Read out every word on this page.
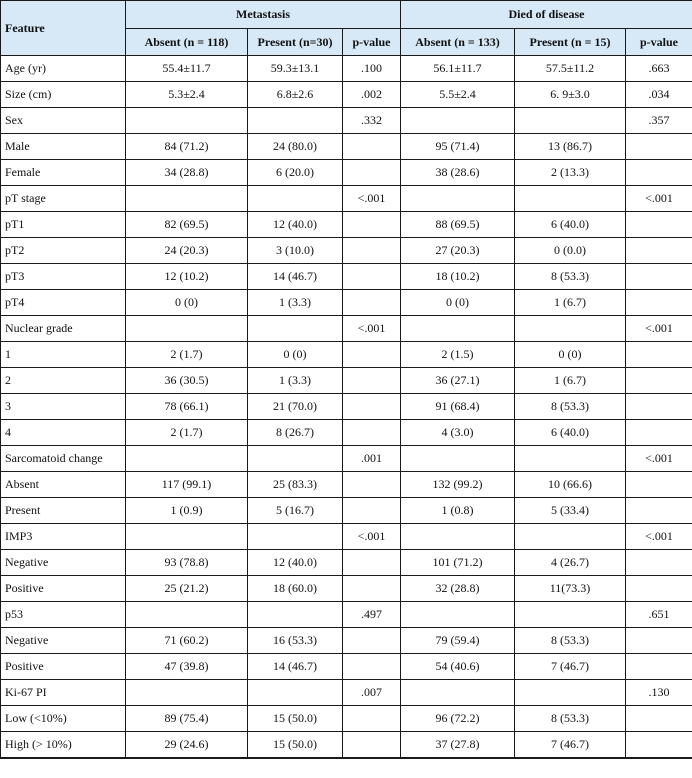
Feature	Metastasis			Died of disease		
	Absent (n = 118)	Present (n=30)	p-value	Absent (n = 133)	Present (n = 15)	p-value
Age (yr)	55.4±11.7	59.3±13.1	.100	56.1±11.7	57.5±11.2	.663
Size (cm)	5.3±2.4	6.8±2.6	.002	5.5±2.4	6. 9±3.0	.034
Sex			.332			.357
Male	84 (71.2)	24 (80.0)		95 (71.4)	13 (86.7)	
Female	34 (28.8)	6 (20.0)		38 (28.6)	2 (13.3)	
pT stage			<.001			<.001
pT1	82 (69.5)	12 (40.0)		88 (69.5)	6 (40.0)	
pT2	24 (20.3)	3 (10.0)		27 (20.3)	0 (0.0)	
pT3	12 (10.2)	14 (46.7)		18 (10.2)	8 (53.3)	
pT4	0 (0)	1 (3.3)		0 (0)	1 (6.7)	
Nuclear grade			<.001			<.001
1	2 (1.7)	0 (0)		2 (1.5)	0 (0)	
2	36 (30.5)	1 (3.3)		36 (27.1)	1 (6.7)	
3	78 (66.1)	21 (70.0)		91 (68.4)	8 (53.3)	
4	2 (1.7)	8 (26.7)		4 (3.0)	6 (40.0)	
Sarcomatoid change			.001			<.001
Absent	117 (99.1)	25 (83.3)		132 (99.2)	10 (66.6)	
Present	1 (0.9)	5 (16.7)		1 (0.8)	5 (33.4)	
IMP3			<.001			<.001
Negative	93 (78.8)	12 (40.0)		101 (71.2)	4 (26.7)	
Positive	25 (21.2)	18 (60.0)		32 (28.8)	11(73.3)	
p53			.497			.651
Negative	71 (60.2)	16 (53.3)		79 (59.4)	8 (53.3)	
Positive	47 (39.8)	14 (46.7)		54 (40.6)	7 (46.7)	
Ki-67 PI			.007			.130
Low (<10%)	89 (75.4)	15 (50.0)		96 (72.2)	8 (53.3)	
High (> 10%)	29 (24.6)	15 (50.0)		37 (27.8)	7 (46.7)	
